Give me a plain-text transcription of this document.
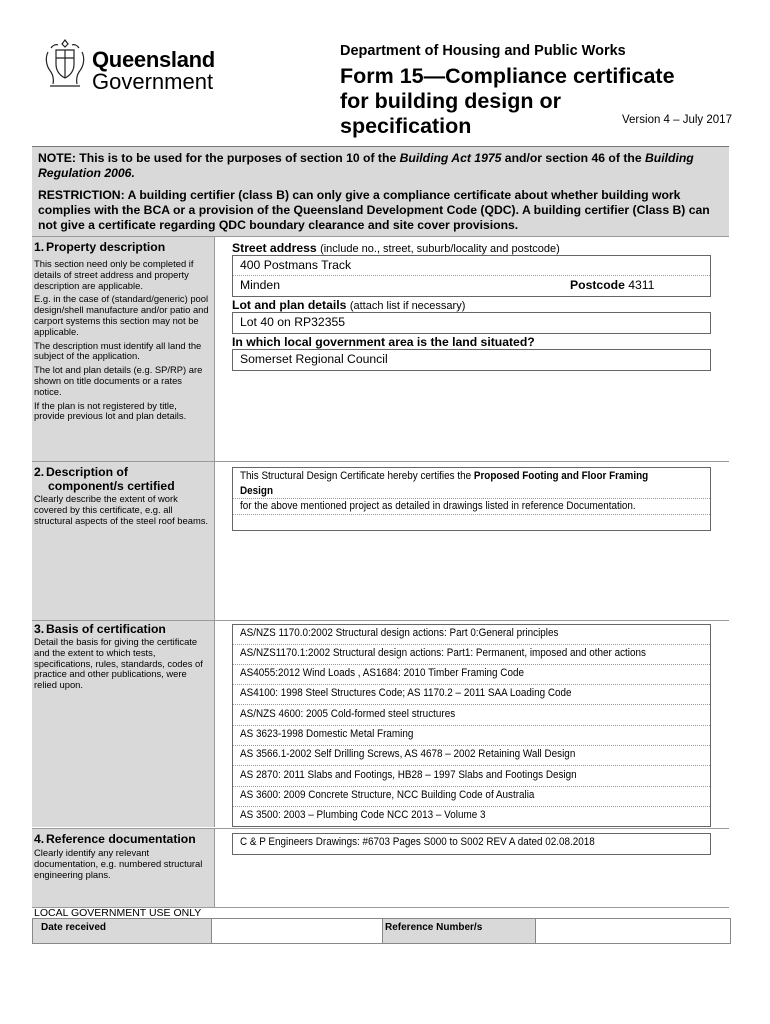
Queensland
Government
Department of Housing and Public Works
Form 15—Compliance certificate
for building design or
specification	Version 4 – July 2017

NOTE: This is to be used for the purposes of section 10 of the Building Act 1975 and/or section 46 of the Building Regulation 2006.

RESTRICTION: A building certifier (class B) can only give a compliance certificate about whether building work complies with the BCA or a provision of the Queensland Development Code (QDC). A building certifier (Class B) can not give a certificate regarding QDC boundary clearance and site cover provisions.

1. Property description

This section need only be completed if details of street address and property description are applicable.

E.g. in the case of (standard/generic) pool design/shell manufacture and/or patio and carport systems this section may not be applicable.

The description must identify all land the subject of the application.

The lot and plan details (e.g. SP/RP) are shown on title documents or a rates notice.

If the plan is not registered by title, provide previous lot and plan details.

Street address (include no., street, suburb/locality and postcode)
400 Postmans Track
Minden	Postcode 4311
Lot and plan details (attach list if necessary)
Lot 40 on RP32355
In which local government area is the land situated?
Somerset Regional Council
2. Description of
component/s certified
Clearly describe the extent of work covered by this certificate, e.g. all structural aspects of the steel roof beams.
This Structural Design Certificate hereby certifies the Proposed Footing and Floor Framing
Design
for the above mentioned project as detailed in drawings listed in reference Documentation.
3. Basis of certification
Detail the basis for giving the certificate and the extent to which tests, specifications, rules, standards, codes of practice and other publications, were relied upon.
AS/NZS 1170.0:2002 Structural design actions: Part 0:General principles
AS/NZS1170.1:2002 Structural design actions: Part1: Permanent, imposed and other actions
AS4055:2012 Wind Loads , AS1684: 2010 Timber Framing Code
AS4100: 1998 Steel Structures Code; AS 1170.2 – 2011 SAA Loading Code
AS/NZS 4600: 2005 Cold-formed steel structures
AS 3623-1998 Domestic Metal Framing
AS 3566.1-2002 Self Drilling Screws, AS 4678 – 2002 Retaining Wall Design
AS 2870: 2011 Slabs and Footings, HB28 – 1997 Slabs and Footings Design
AS 3600: 2009 Concrete Structure, NCC Building Code of Australia
AS 3500: 2003 – Plumbing Code NCC 2013 – Volume 3
4. Reference documentation
Clearly identify any relevant documentation, e.g. numbered structural engineering plans.
C & P Engineers Drawings: #6703 Pages S000 to S002 REV A dated 02.08.2018
LOCAL GOVERNMENT USE ONLY
Date received	Reference Number/s
